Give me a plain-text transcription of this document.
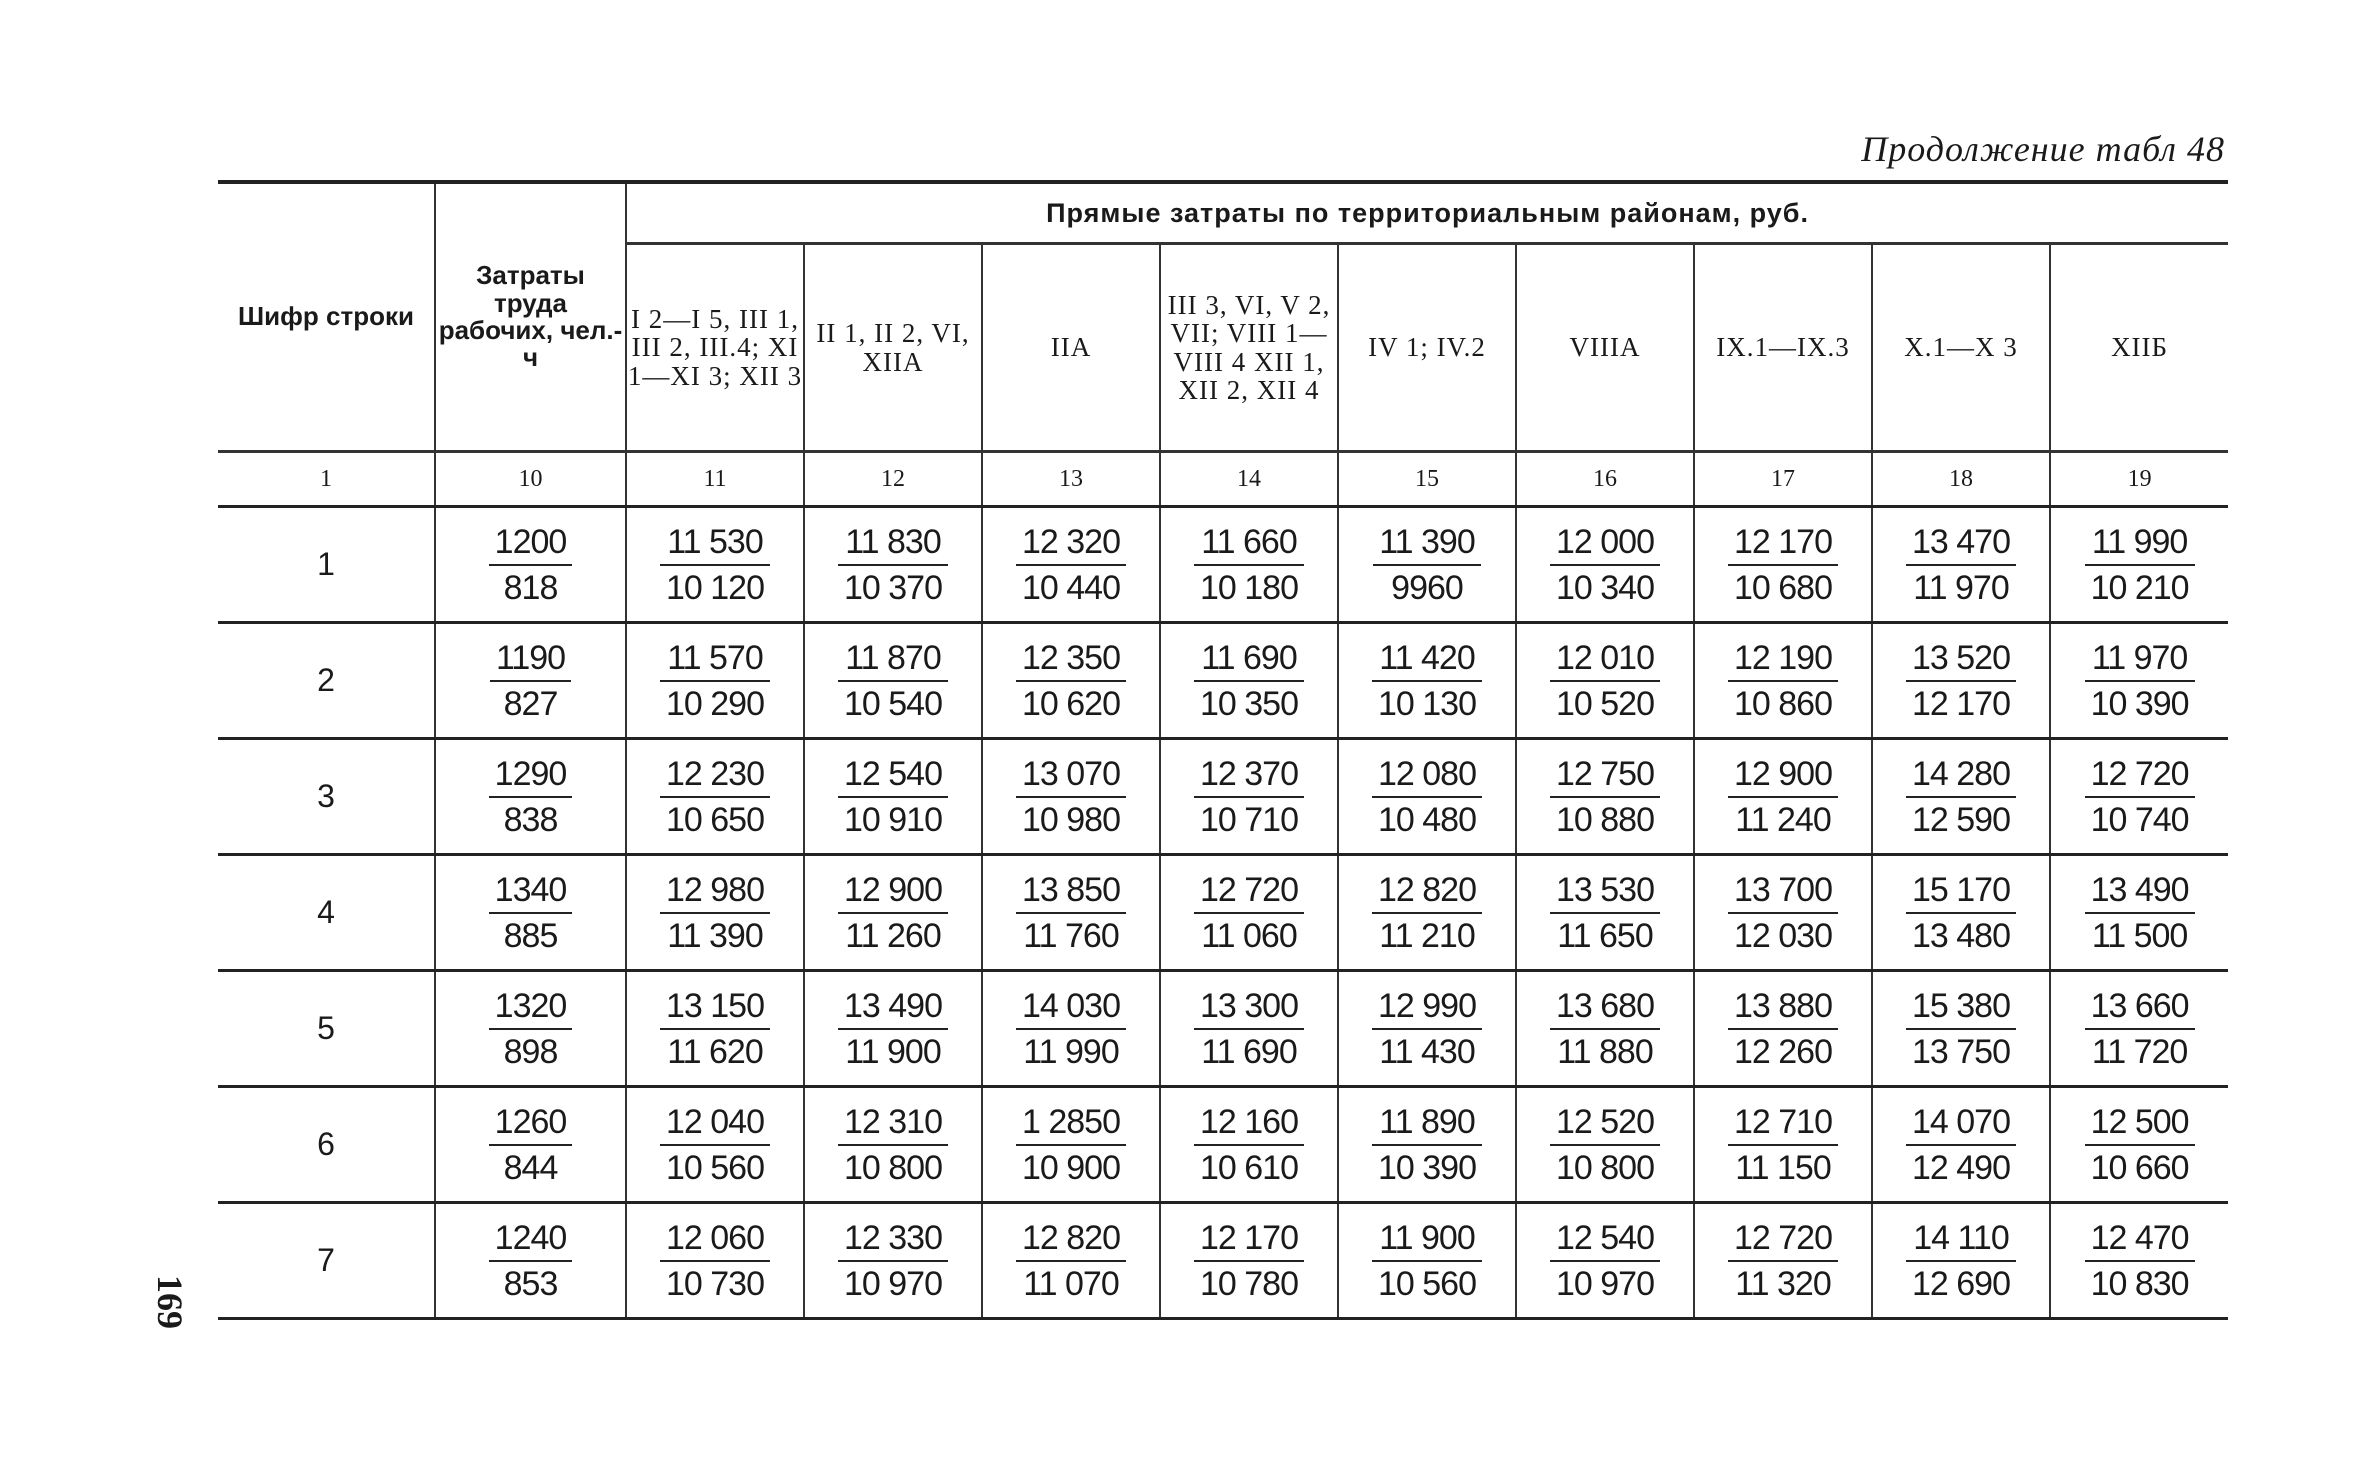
Продолжение табл 48
169
Шифр строки	Затраты труда рабочих, чел.-ч	Прямые затраты по территориальным районам, руб.								
		I 2—I 5, III 1, III 2, III.4; XI 1—XI 3; XII 3	II 1, II 2, VI, XIIA	IIA	III 3, VI, V 2, VII; VIII 1—VIII 4 XII 1, XII 2, XII 4	IV 1; IV.2	VIIIA	IX.1—IX.3	X.1—X 3	XIIБ
1	10	11	12	13	14	15	16	17	18	19
1	$\frac{1200}{818}$	$\frac{11 530}{10 120}$	$\frac{11 830}{10 370}$	$\frac{12 320}{10 440}$	$\frac{11 660}{10 180}$	$\frac{11 390}{9960}$	$\frac{12 000}{10 340}$	$\frac{12 170}{10 680}$	$\frac{13 470}{11 970}$	$\frac{11 990}{10 210}$

2	$\frac{1190}{827}$	$\frac{11 570}{10 290}$	$\frac{11 870}{10 540}$	$\frac{12 350}{10 620}$	$\frac{11 690}{10 350}$	$\frac{11 420}{10 130}$	$\frac{12 010}{10 520}$	$\frac{12 190}{10 860}$	$\frac{13 520}{12 170}$	$\frac{11 970}{10 390}$

3	$\frac{1290}{838}$	$\frac{12 230}{10 650}$	$\frac{12 540}{10 910}$	$\frac{13 070}{10 980}$	$\frac{12 370}{10 710}$	$\frac{12 080}{10 480}$	$\frac{12 750}{10 880}$	$\frac{12 900}{11 240}$	$\frac{14 280}{12 590}$	$\frac{12 720}{10 740}$

4	$\frac{1340}{885}$	$\frac{12 980}{11 390}$	$\frac{12 900}{11 260}$	$\frac{13 850}{11 760}$	$\frac{12 720}{11 060}$	$\frac{12 820}{11 210}$	$\frac{13 530}{11 650}$	$\frac{13 700}{12 030}$	$\frac{15 170}{13 480}$	$\frac{13 490}{11 500}$

5	$\frac{1320}{898}$	$\frac{13 150}{11 620}$	$\frac{13 490}{11 900}$	$\frac{14 030}{11 990}$	$\frac{13 300}{11 690}$	$\frac{12 990}{11 430}$	$\frac{13 680}{11 880}$	$\frac{13 880}{12 260}$	$\frac{15 380}{13 750}$	$\frac{13 660}{11 720}$

6	$\frac{1260}{844}$	$\frac{12 040}{10 560}$	$\frac{12 310}{10 800}$	$\frac{1 2850}{10 900}$	$\frac{12 160}{10 610}$	$\frac{11 890}{10 390}$	$\frac{12 520}{10 800}$	$\frac{12 710}{11 150}$	$\frac{14 070}{12 490}$	$\frac{12 500}{10 660}$

7	$\frac{1240}{853}$	$\frac{12 060}{10 730}$	$\frac{12 330}{10 970}$	$\frac{12 820}{11 070}$	$\frac{12 170}{10 780}$	$\frac{11 900}{10 560}$	$\frac{12 540}{10 970}$	$\frac{12 720}{11 320}$	$\frac{14 110}{12 690}$	$\frac{12 470}{10 830}$
